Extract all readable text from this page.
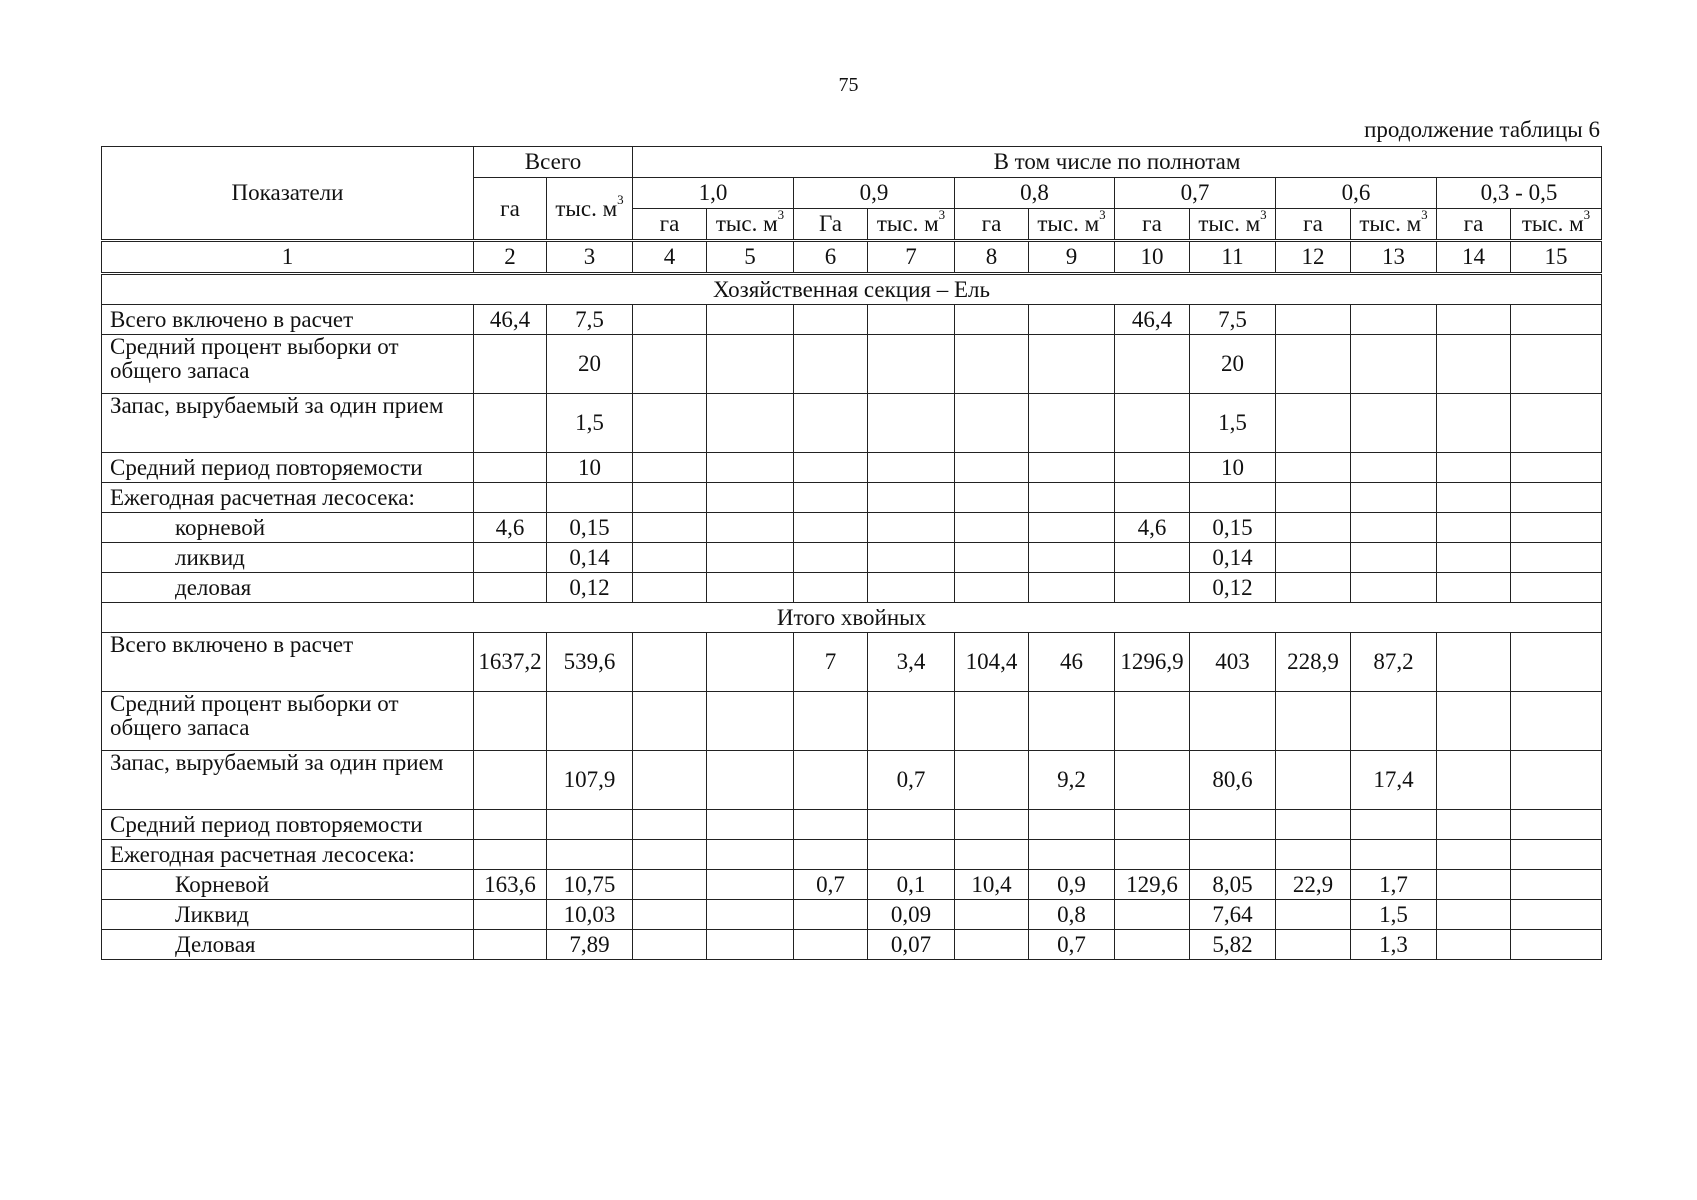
75
продолжение таблицы 6
Показатели	Всего		В том числе по полнотам											
	га	тыс. $м^3$	1,0		0,9		0,8		0,7		0,6		0,3 - 0,5	
			га	тыс. $м^3$	Га	тыс. $м^3$	га	тыс. $м^3$	га	тыс. $м^3$	га	тыс. $м^3$	га	тыс. $м^3$
1	2	3	4	5	6	7	8	9	10	11	12	13	14	15
Хозяйственная секция – Ель														
Всего включено в расчет	46,4	7,5							46,4	7,5				
Средний процент выборки от общего запаса		20								20				
Запас, вырубаемый за один прием		1,5								1,5				
Средний период повторяемости		10								10				
Ежегодная расчетная лесосека:														
корневой	4,6	0,15							4,6	0,15				
ликвид		0,14								0,14				
деловая		0,12								0,12				
Итого хвойных														
Всего включено в расчет	1637,2	539,6			7	3,4	104,4	46	1296,9	403	228,9	87,2		
Средний процент выборки от общего запаса														
Запас, вырубаемый за один прием		107,9				0,7		9,2		80,6		17,4		
Средний период повторяемости														
Ежегодная расчетная лесосека:														
Корневой	163,6	10,75			0,7	0,1	10,4	0,9	129,6	8,05	22,9	1,7		
Ликвид		10,03				0,09		0,8		7,64		1,5		
Деловая		7,89				0,07		0,7		5,82		1,3		
